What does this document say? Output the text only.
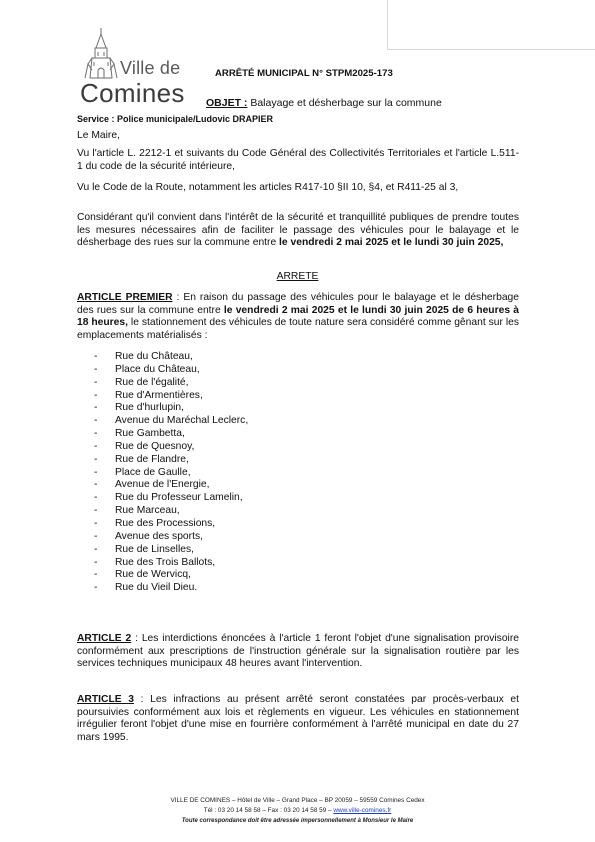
Ville de
Comines
ARRÊTÉ MUNICIPAL N° STPM2025-173
OBJET : Balayage et désherbage sur la commune
Service : Police municipale/Ludovic DRAPIER
Le Maire,
Vu l'article L. 2212-1 et suivants du Code Général des Collectivités Territoriales et l'article L.511-1 du code de la sécurité intérieure,
Vu le Code de la Route, notamment les articles R417-10 §II 10, §4, et R411-25 al 3,
Considérant qu'il convient dans l'intérêt de la sécurité et tranquillité publiques de prendre toutes les mesures nécessaires afin de faciliter le passage des véhicules pour le balayage et le désherbage des rues sur la commune entre le vendredi 2 mai 2025 et le lundi 30 juin 2025,
ARRETE
ARTICLE PREMIER : En raison du passage des véhicules pour le balayage et le désherbage des rues sur la commune entre le vendredi 2 mai 2025 et le lundi 30 juin 2025 de 6 heures à 18 heures, le stationnement des véhicules de toute nature sera considéré comme gênant sur les emplacements matérialisés :
- Rue du Château,
- Place du Château,
- Rue de l'égalité,
- Rue d'Armentières,
- Rue d'hurlupin,
- Avenue du Maréchal Leclerc,
- Rue Gambetta,
- Rue de Quesnoy,
- Rue de Flandre,
- Place de Gaulle,
- Avenue de l'Energie,
- Rue du Professeur Lamelin,
- Rue Marceau,
- Rue des Processions,
- Avenue des sports,
- Rue de Linselles,
- Rue des Trois Ballots,
- Rue de Wervicq,
- Rue du Vieil Dieu.
ARTICLE 2 : Les interdictions énoncées à l'article 1 feront l'objet d'une signalisation provisoire conformément aux prescriptions de l'instruction générale sur la signalisation routière par les services techniques municipaux 48 heures avant l'intervention.
ARTICLE 3 : Les infractions au présent arrêté seront constatées par procès-verbaux et poursuivies conformément aux lois et règlements en vigueur. Les véhicules en stationnement irrégulier feront l'objet d'une mise en fourrière conformément à l'arrêté municipal en date du 27 mars 1995.
VILLE DE COMINES – Hôtel de Ville – Grand Place – BP 20059 – 59559 Comines Cedex
Tél : 03 20 14 58 58 – Fax : 03 20 14 58 59 – www.ville-comines.fr
Toute correspondance doit être adressée impersonnellement à Monsieur le Maire
